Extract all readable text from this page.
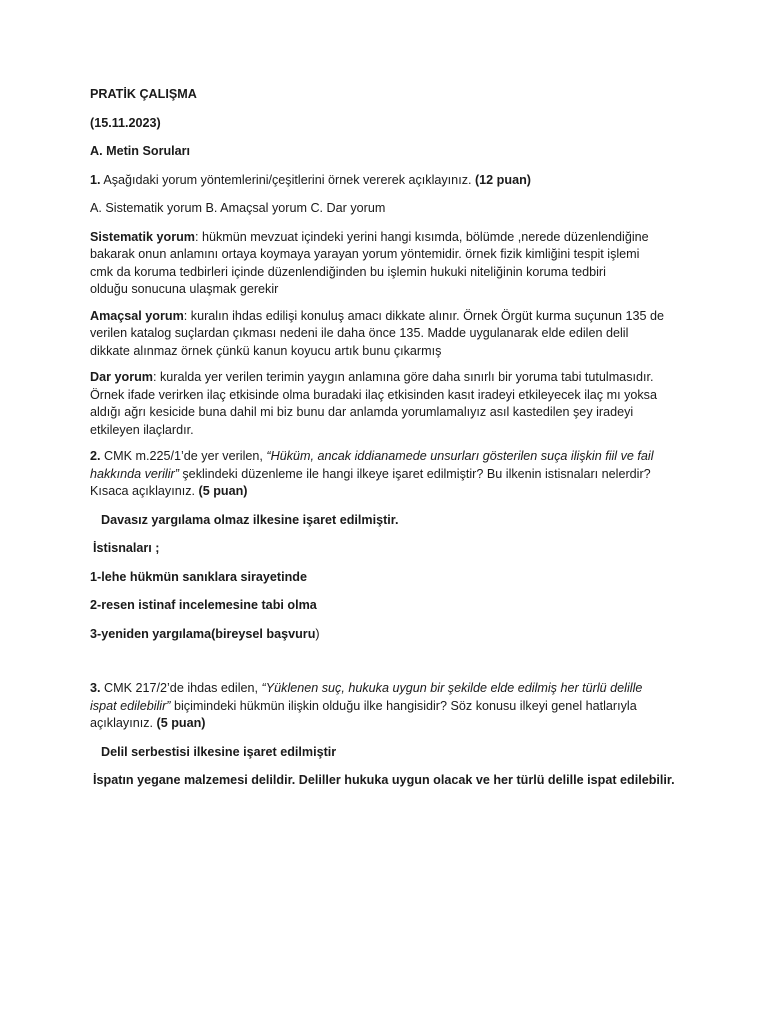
PRATİK ÇALIŞMA

(15.11.2023)

A. Metin Soruları

1. Aşağıdaki yorum yöntemlerini/çeşitlerini örnek vererek açıklayınız. (12 puan)

A. Sistematik yorum B. Amaçsal yorum C. Dar yorum

Sistematik yorum: hükmün mevzuat içindeki yerini hangi kısımda, bölümde ,nerede düzenlendiğine

bakarak onun anlamını ortaya koymaya yarayan yorum yöntemidir. örnek fizik kimliğini tespit işlemi

cmk da koruma tedbirleri içinde düzenlendiğinden bu işlemin hukuki niteliğinin koruma tedbiri

olduğu sonucuna ulaşmak gerekir

Amaçsal yorum: kuralın ihdas edilişi konuluş amacı dikkate alınır. Örnek Örgüt kurma suçunun 135 de

verilen katalog suçlardan çıkması nedeni ile daha önce 135. Madde uygulanarak elde edilen delil

dikkate alınmaz örnek çünkü kanun koyucu artık bunu çıkarmış

Dar yorum: kuralda yer verilen terimin yaygın anlamına göre daha sınırlı bir yoruma tabi tutulmasıdır.

Örnek ifade verirken ilaç etkisinde olma buradaki ilaç etkisinden kasıt iradeyi etkileyecek ilaç mı yoksa

aldığı ağrı kesicide buna dahil mi biz bunu dar anlamda yorumlamalıyız asıl kastedilen şey iradeyi

etkileyen ilaçlardır.

2. CMK m.225/1’de yer verilen, “Hüküm, ancak iddianamede unsurları gösterilen suça ilişkin fiil ve fail

hakkında verilir” şeklindeki düzenleme ile hangi ilkeye işaret edilmiştir? Bu ilkenin istisnaları nelerdir?

Kısaca açıklayınız. (5 puan)

Davasız yargılama olmaz ilkesine işaret edilmiştir.

İstisnaları ;

1-lehe hükmün sanıklara sirayetinde

2-resen istinaf incelemesine tabi olma

3-yeniden yargılama(bireysel başvuru)

3. CMK 217/2’de ihdas edilen, “Yüklenen suç, hukuka uygun bir şekilde elde edilmiş her türlü delille

ispat edilebilir” biçimindeki hükmün ilişkin olduğu ilke hangisidir? Söz konusu ilkeyi genel hatlarıyla

açıklayınız. (5 puan)

Delil serbestisi ilkesine işaret edilmiştir

İspatın yegane malzemesi delildir. Deliller hukuka uygun olacak ve her türlü delille ispat edilebilir.
